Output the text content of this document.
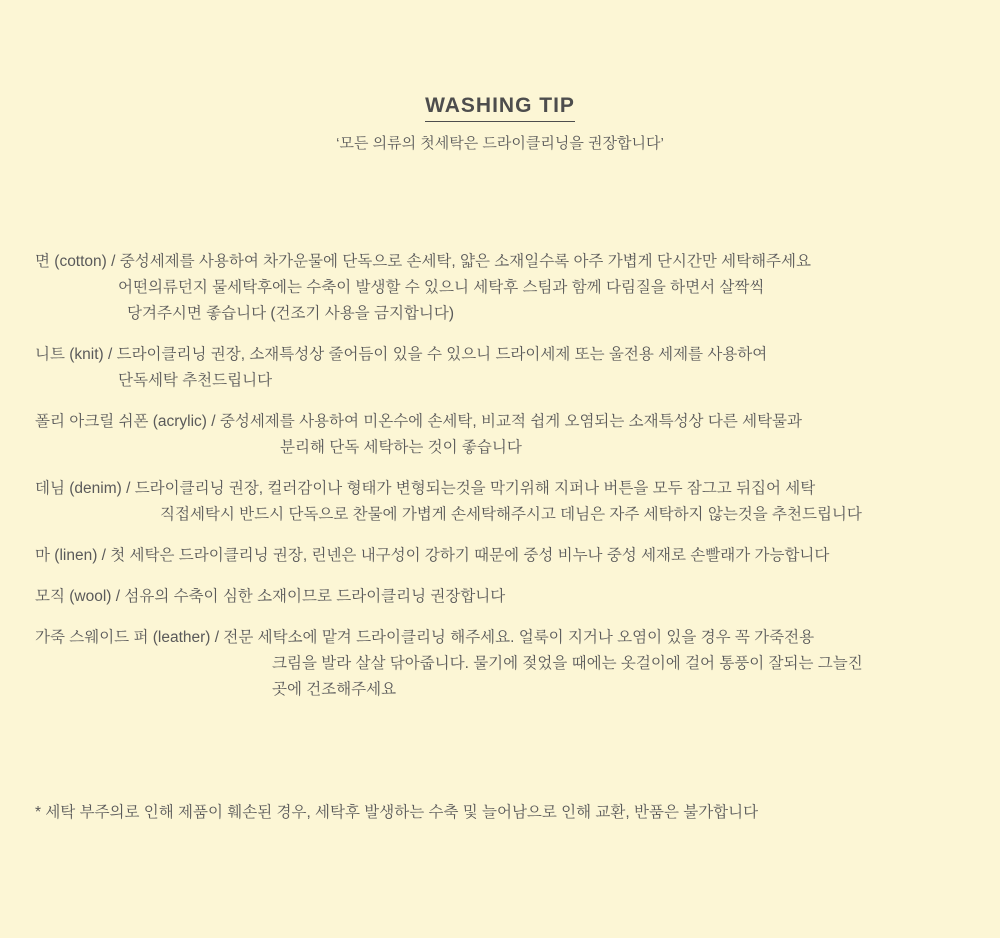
WASHING TIP

‘모든 의류의 첫세탁은 드라이클리닝을 권장합니다’

면 (cotton) / 중성세제를 사용하여 차가운물에 단독으로 손세탁, 얇은 소재일수록 아주 가볍게 단시간만 세탁해주세요
어떤의류던지 물세탁후에는 수축이 발생할 수 있으니 세탁후 스팀과 함께 다림질을 하면서 살짝씩
당겨주시면 좋습니다 (건조기 사용을 금지합니다)
니트 (knit) / 드라이클리닝 권장, 소재특성상 줄어듬이 있을 수 있으니 드라이세제 또는 울전용 세제를 사용하여
단독세탁 추천드립니다
폴리 아크릴 쉬폰 (acrylic) / 중성세제를 사용하여 미온수에 손세탁, 비교적 쉽게 오염되는 소재특성상 다른 세탁물과
분리해 단독 세탁하는 것이 좋습니다
데님 (denim) / 드라이클리닝 권장, 컬러감이나 형태가 변형되는것을 막기위해 지퍼나 버튼을 모두 잠그고 뒤집어 세탁
직접세탁시 반드시 단독으로 찬물에 가볍게 손세탁해주시고 데님은 자주 세탁하지 않는것을 추천드립니다
마 (linen) / 첫 세탁은 드라이클리닝 권장, 린넨은 내구성이 강하기 때문에 중성 비누나 중성 세재로 손빨래가 가능합니다
모직 (wool) / 섬유의 수축이 심한 소재이므로 드라이클리닝 권장합니다
가죽 스웨이드 퍼 (leather) / 전문 세탁소에 맡겨 드라이클리닝 해주세요. 얼룩이 지거나 오염이 있을 경우 꼭 가죽전용
크림을 발라 살살 닦아줍니다. 물기에 젖었을 때에는 옷걸이에 걸어 통풍이 잘되는 그늘진
곳에 건조해주세요

* 세탁 부주의로 인해 제품이 훼손된 경우, 세탁후 발생하는 수축 및 늘어남으로 인해 교환, 반품은 불가합니다
